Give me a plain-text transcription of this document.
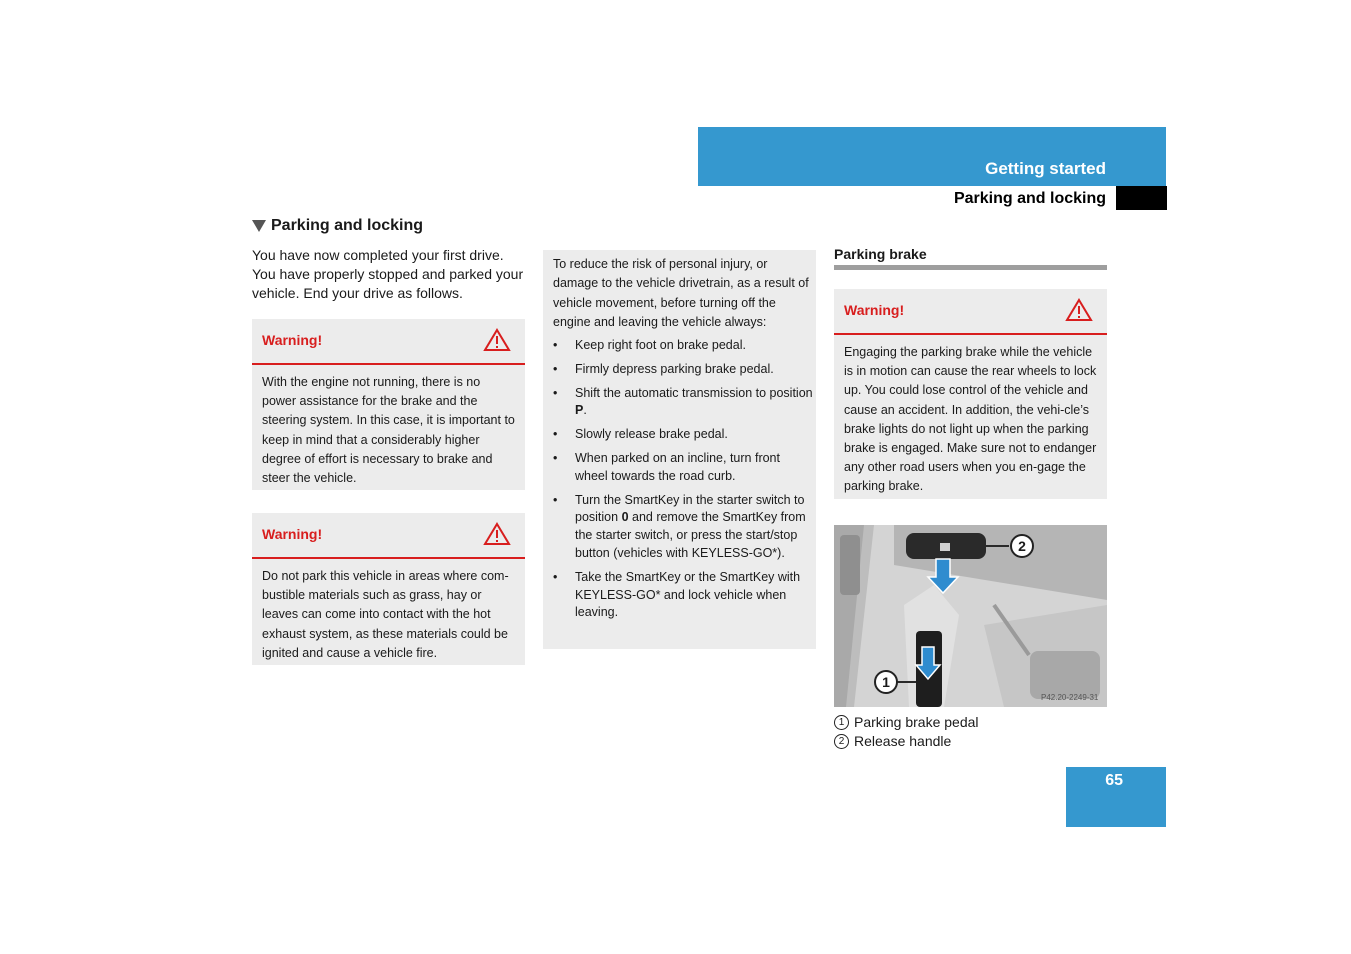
Getting started
Parking and locking
Parking and locking
You have now completed your first drive. You have properly stopped and parked your vehicle. End your drive as follows.
Warning!
With the engine not running, there is no power assistance for the brake and the steering system. In this case, it is important to keep in mind that a considerably higher degree of effort is necessary to brake and steer the vehicle.
Warning!
Do not park this vehicle in areas where com-bustible materials such as grass, hay or leaves can come into contact with the hot exhaust system, as these materials could be ignited and cause a vehicle fire.
To reduce the risk of personal injury, or damage to the vehicle drivetrain, as a result of vehicle movement, before turning off the engine and leaving the vehicle always:
• Keep right foot on brake pedal.
• Firmly depress parking brake pedal.
• Shift the automatic transmission to position P.
• Slowly release brake pedal.
• When parked on an incline, turn front wheel towards the road curb.
• Turn the SmartKey in the starter switch to position 0 and remove the SmartKey from the starter switch, or press the start/stop button (vehicles with KEYLESS-GO*).
• Take the SmartKey or the SmartKey with KEYLESS-GO* and lock vehicle when leaving.
Parking brake
Warning!
Engaging the parking brake while the vehicle is in motion can cause the rear wheels to lock up. You could lose control of the vehicle and cause an accident. In addition, the vehi-cle’s brake lights do not light up when the parking brake is engaged. Make sure not to endanger any other road users when you en-gage the parking brake.
2
1
P42.20-2249-31
1 Parking brake pedal
2 Release handle
65
